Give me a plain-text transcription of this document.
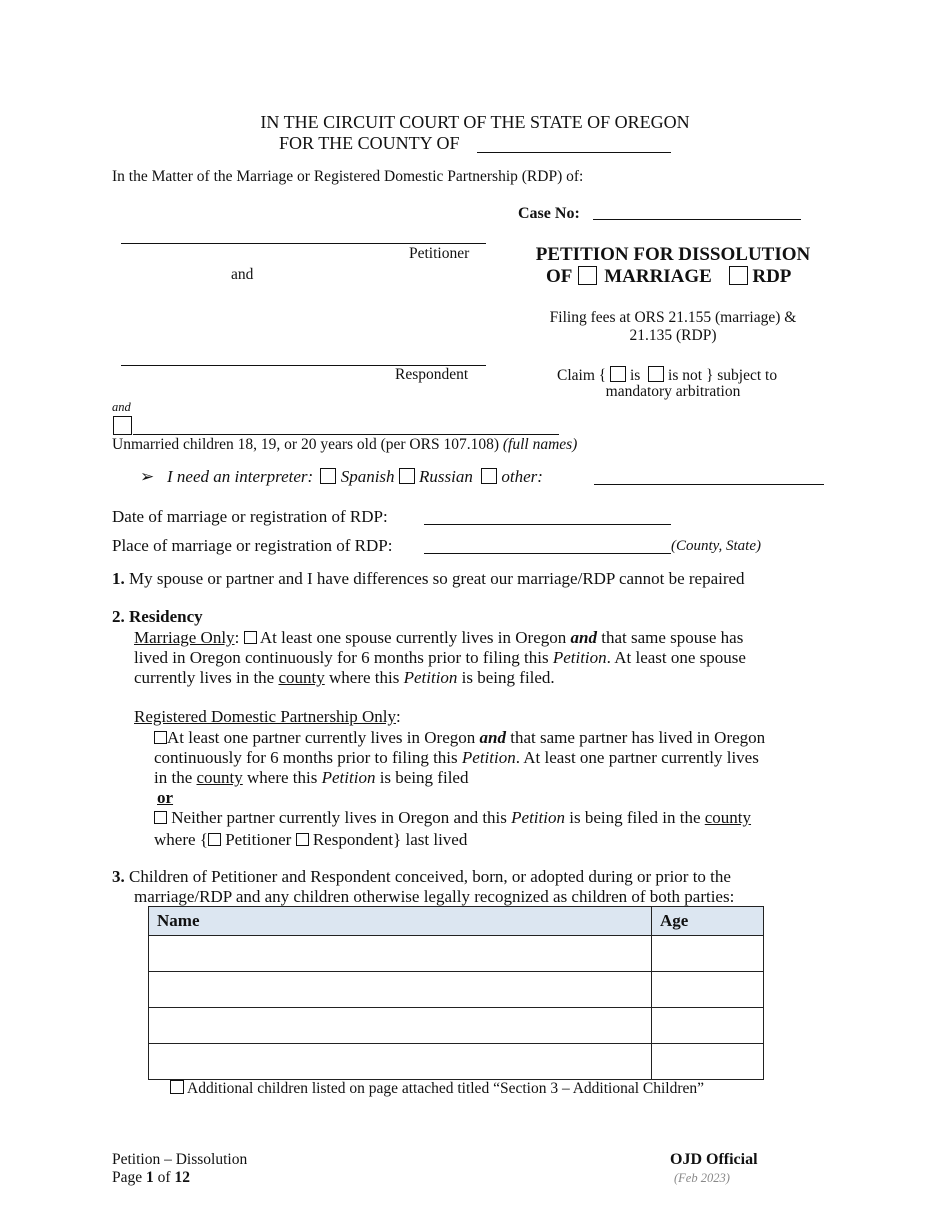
IN THE CIRCUIT COURT OF THE STATE OF OREGON
FOR THE COUNTY OF
In the Matter of the Marriage or Registered Domestic Partnership (RDP) of:
Case No:
Petitioner
and
Respondent
and
Unmarried children 18, 19, or 20 years old (per ORS 107.108) (full names)
PETITION FOR DISSOLUTION
OF MARRIAGE RDP
Filing fees at ORS 21.155 (marriage) &
21.135 (RDP)
Claim { is is not } subject to
mandatory arbitration
➢ I need an interpreter: Spanish Russian other:
Date of marriage or registration of RDP:
Place of marriage or registration of RDP:	(County, State)
1. My spouse or partner and I have differences so great our marriage/RDP cannot be repaired
2. Residency

Marriage Only:  At least one spouse currently lives in Oregon and that same spouse has

lived in Oregon continuously for 6 months prior to filing this Petition. At least one spouse

currently lives in the county where this Petition is being filed.

Registered Domestic Partnership Only:

At least one partner currently lives in Oregon and that same partner has lived in Oregon

continuously for 6 months prior to filing this Petition. At least one partner currently lives

in the county where this Petition is being filed

or

Neither partner currently lives in Oregon and this Petition is being filed in the county

where { Petitioner Respondent} last lived

3. Children of Petitioner and Respondent conceived, born, or adopted during or prior to the

marriage/RDP and any children otherwise legally recognized as children of both parties:

Name	Age

Additional children listed on page attached titled “Section 3 – Additional Children”
Petition – Dissolution
Page 1 of 12
OJD Official
(Feb 2023)
